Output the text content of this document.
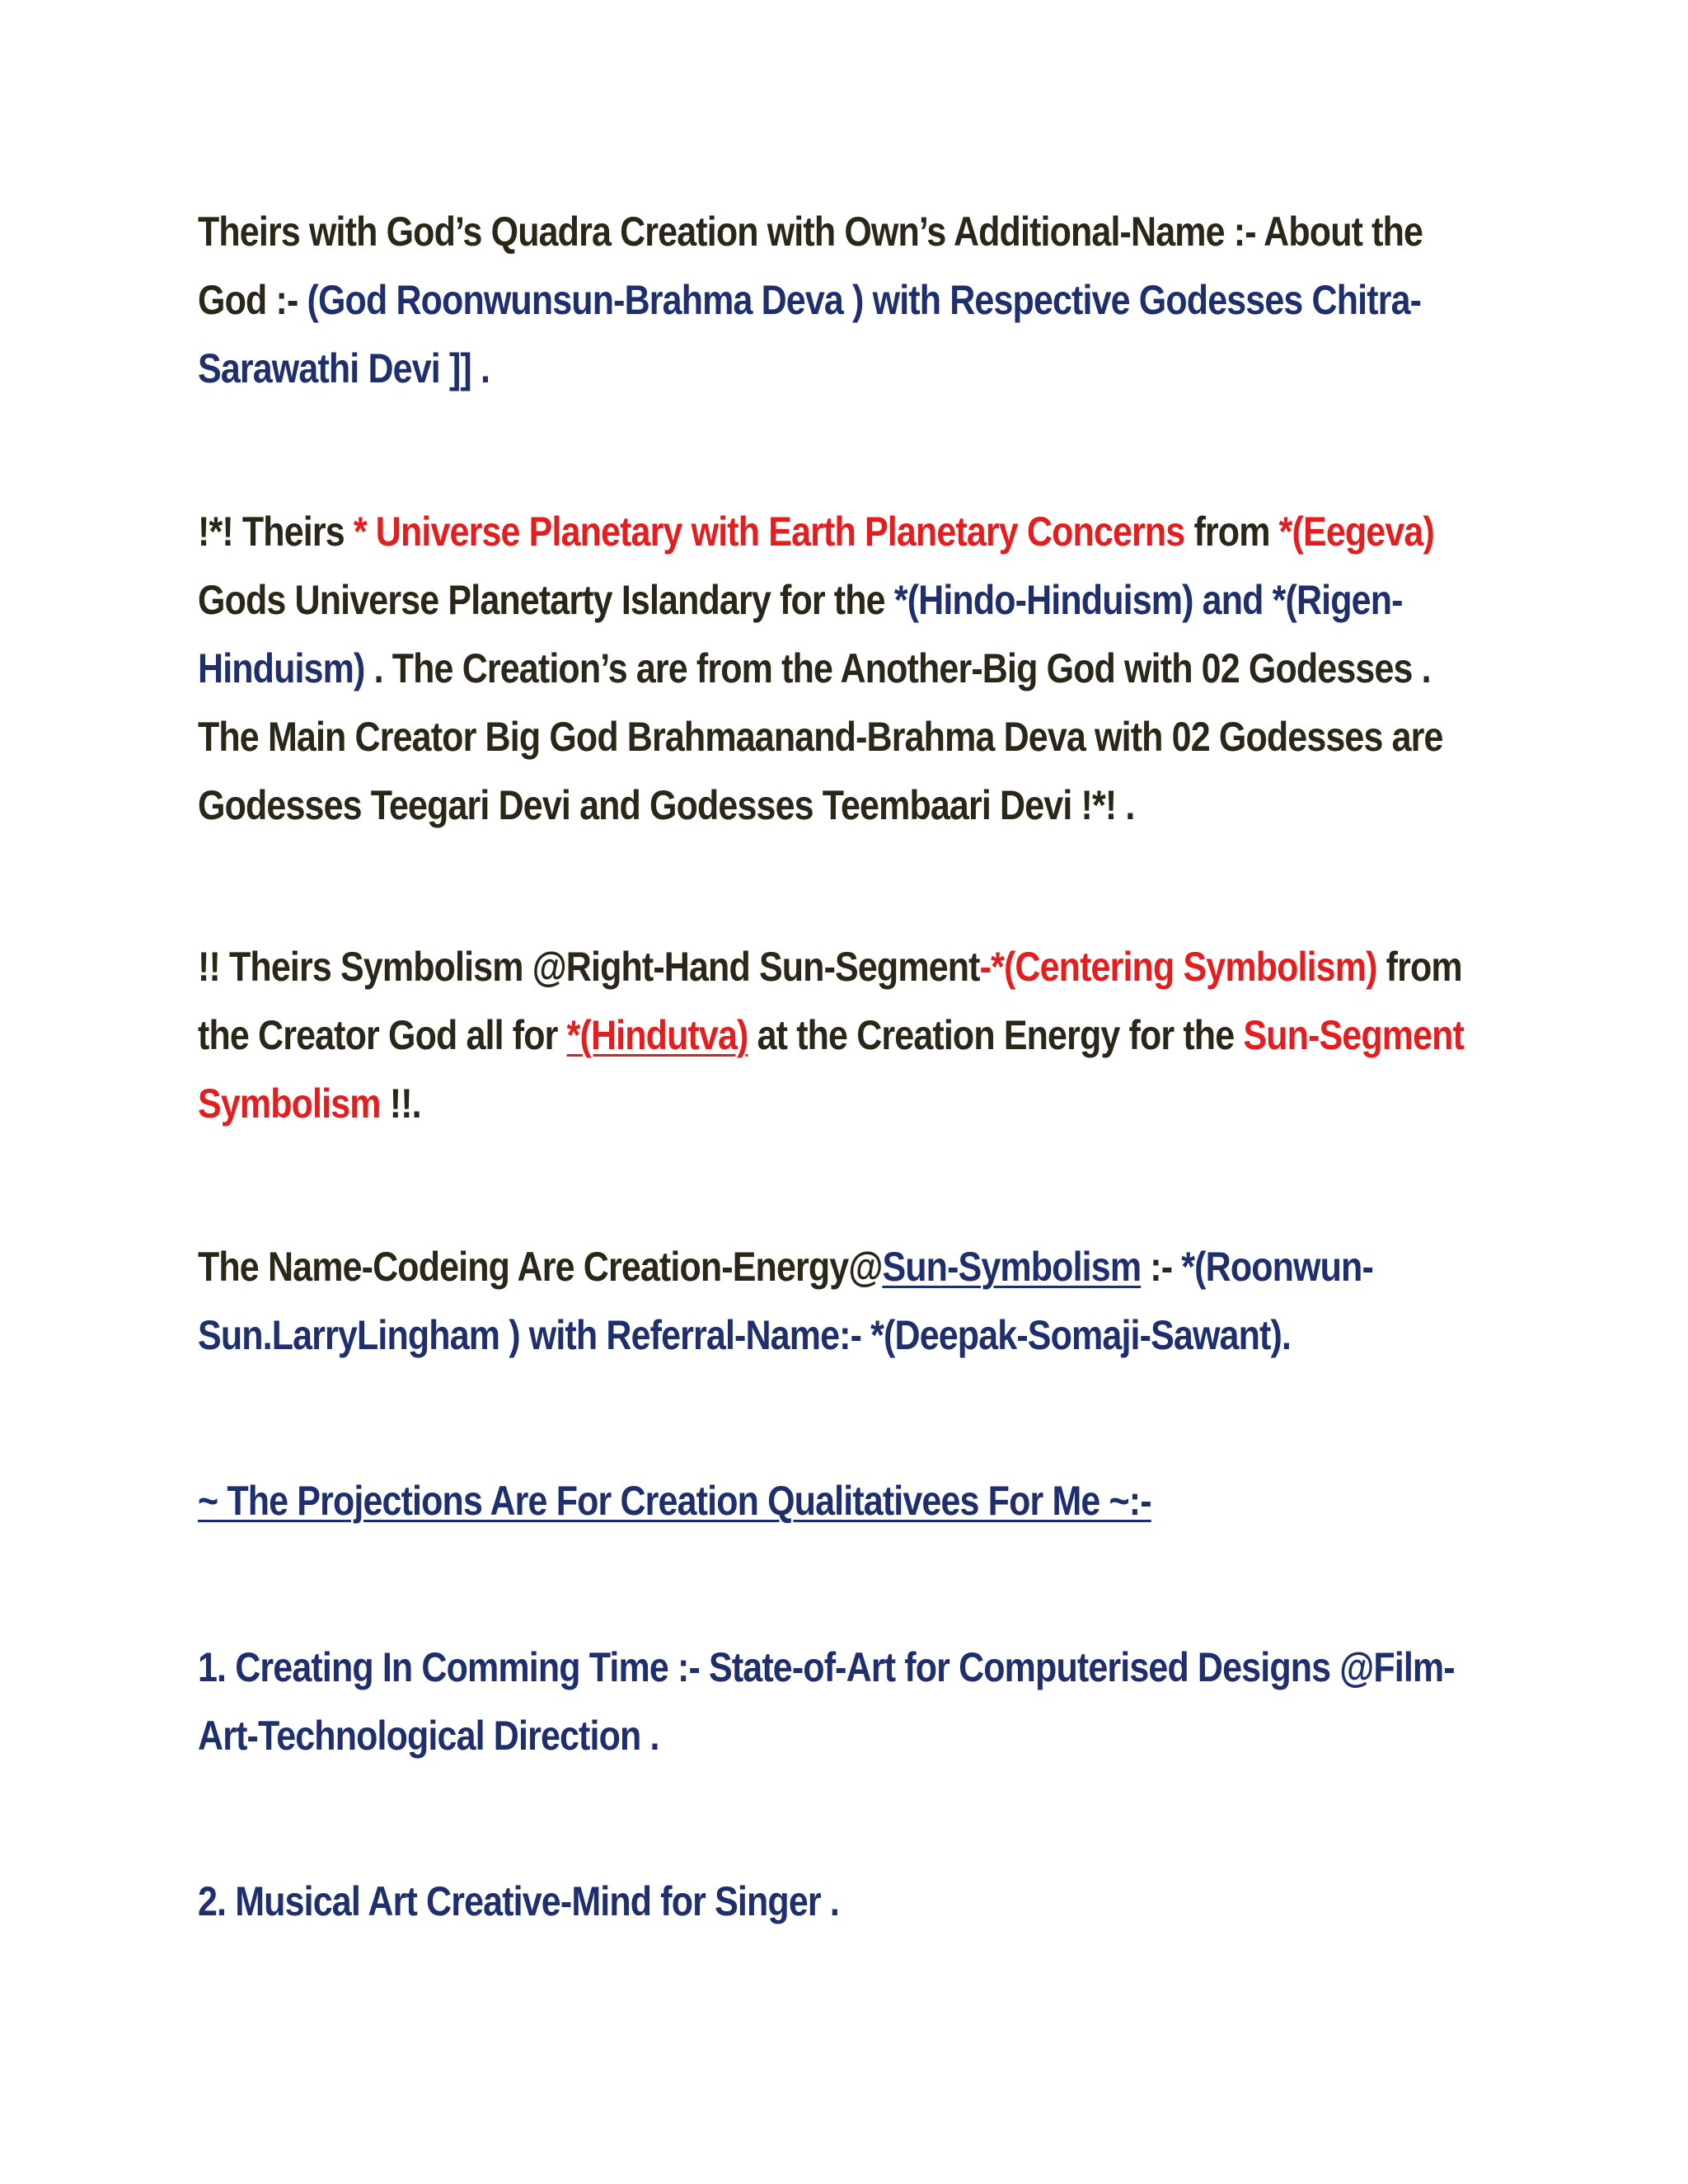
Theirs with God’s Quadra Creation with Own’s Additional-Name :- About the God :- (God Roonwunsun-Brahma Deva ) with Respective Godesses Chitra-Sarawathi Devi ]] .

!*! Theirs * Universe Planetary with Earth Planetary Concerns from *(Eegeva) Gods Universe Planetarty Islandary for the *(Hindo-Hinduism) and *(Rigen-Hinduism) . The Creation’s are from the Another-Big God with 02 Godesses . The Main Creator Big God Brahmaanand-Brahma Deva with 02 Godesses are Godesses Teegari Devi and Godesses Teembaari Devi !*! .

!! Theirs Symbolism @Right-Hand Sun-Segment-*(Centering Symbolism) from the Creator God all for *(Hindutva) at the Creation Energy for the Sun-Segment Symbolism !!.

The Name-Codeing Are Creation-Energy@Sun-Symbolism :- *(Roonwun-Sun.LarryLingham ) with Referral-Name:- *(Deepak-Somaji-Sawant).

~ The Projections Are For Creation Qualitativees For Me ~:-

1. Creating In Comming Time :- State-of-Art for Computerised Designs @Film-Art-Technological Direction .

2. Musical Art Creative-Mind for Singer .
